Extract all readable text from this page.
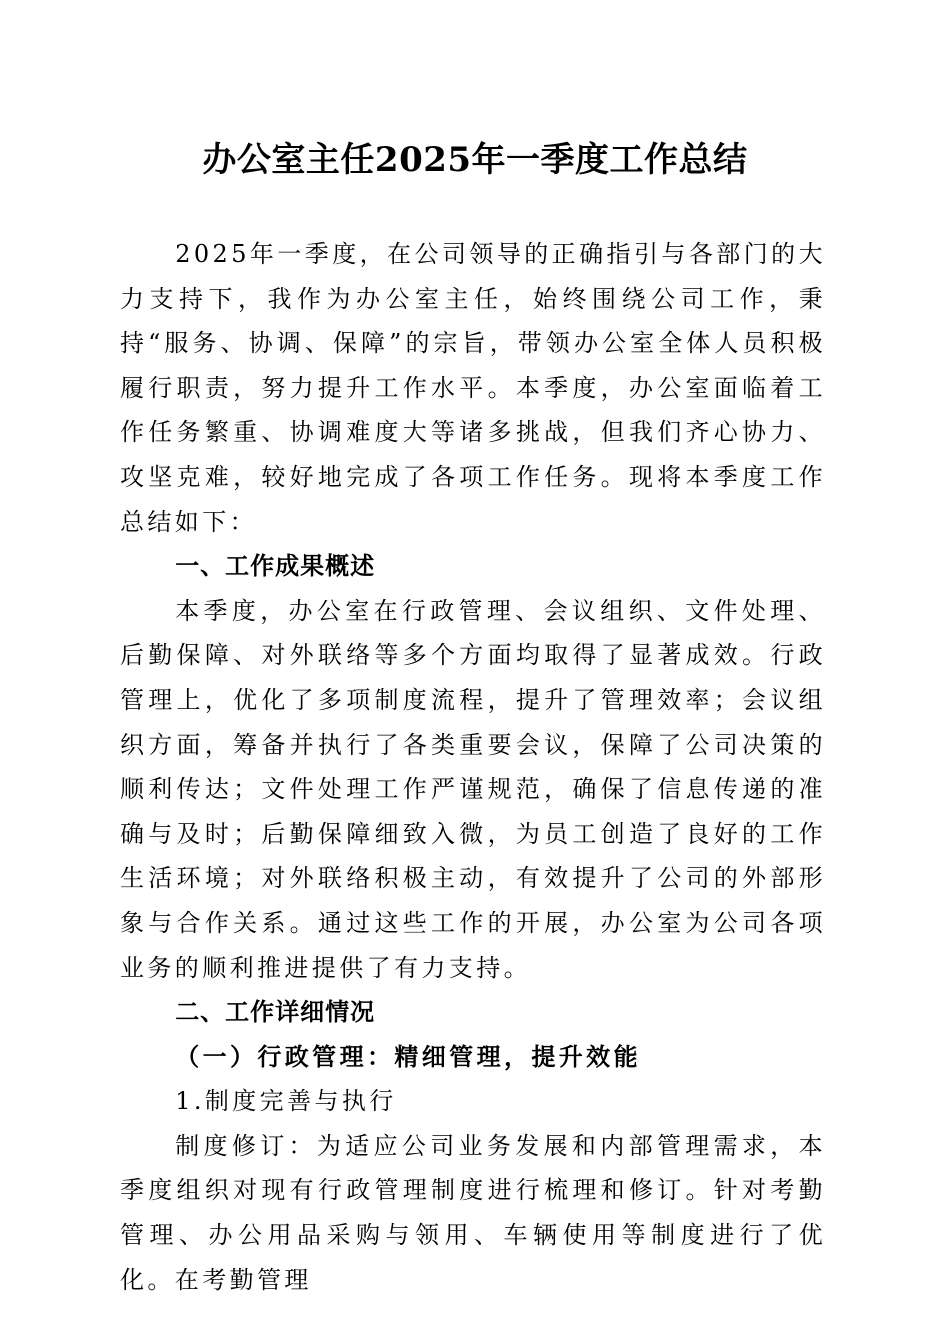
办公室主任2025年一季度工作总结

2025年一季度，在公司领导的正确指引与各部门的大力支持下，我作为办公室主任，始终围绕公司工作，秉持“服务、协调、保障”的宗旨，带领办公室全体人员积极履行职责，努力提升工作水平。本季度，办公室面临着工作任务繁重、协调难度大等诸多挑战，但我们齐心协力、攻坚克难，较好地完成了各项工作任务。现将本季度工作总结如下：

一、工作成果概述

本季度，办公室在行政管理、会议组织、文件处理、后勤保障、对外联络等多个方面均取得了显著成效。行政管理上，优化了多项制度流程，提升了管理效率；会议组织方面，筹备并执行了各类重要会议，保障了公司决策的顺利传达；文件处理工作严谨规范，确保了信息传递的准确与及时；后勤保障细致入微，为员工创造了良好的工作生活环境；对外联络积极主动，有效提升了公司的外部形象与合作关系。通过这些工作的开展，办公室为公司各项业务的顺利推进提供了有力支持。

二、工作详细情况

（一）行政管理：精细管理，提升效能

1.制度完善与执行

制度修订：为适应公司业务发展和内部管理需求，本季度组织对现有行政管理制度进行梳理和修订。针对考勤管理、办公用品采购与领用、车辆使用等制度进行了优化。在考勤管理
